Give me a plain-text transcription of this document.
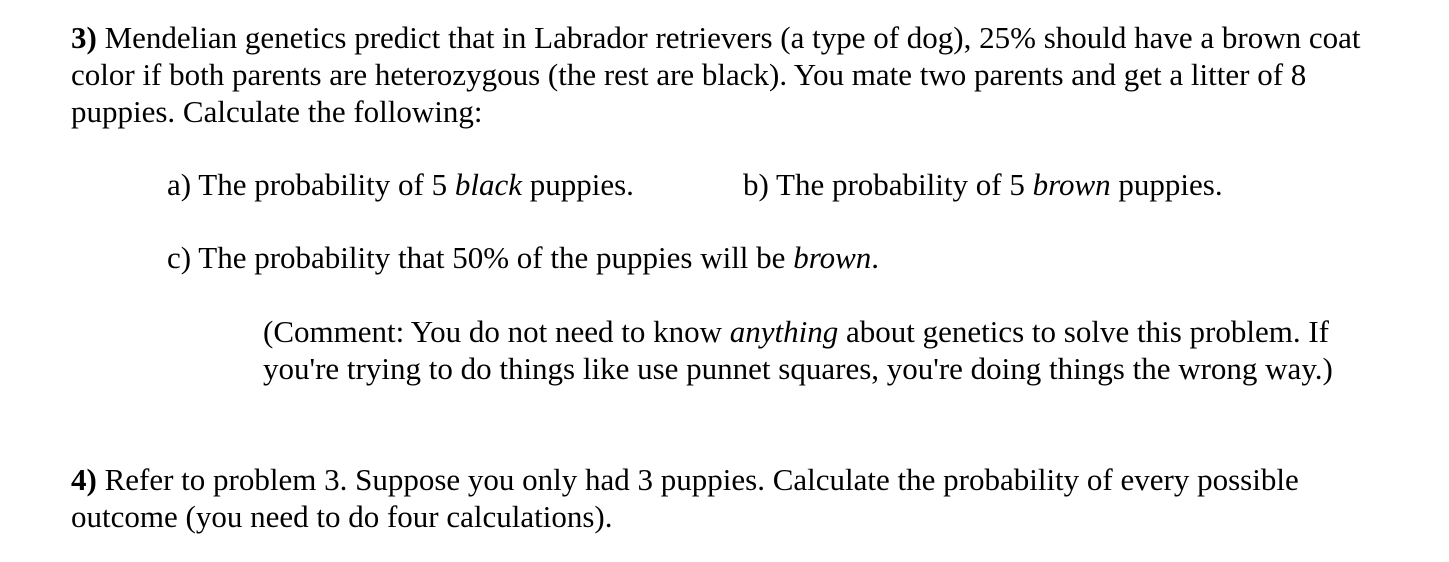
3) Mendelian genetics predict that in Labrador retrievers (a type of dog), 25% should have a brown coat

color if both parents are heterozygous (the rest are black). You mate two parents and get a litter of 8

puppies. Calculate the following:

a) The probability of 5 black puppies.	b) The probability of 5 brown puppies.

c) The probability that 50% of the puppies will be brown.

(Comment: You do not need to know anything about genetics to solve this problem. If

you're trying to do things like use punnet squares, you're doing things the wrong way.)

4) Refer to problem 3. Suppose you only had 3 puppies. Calculate the probability of every possible

outcome (you need to do four calculations).
